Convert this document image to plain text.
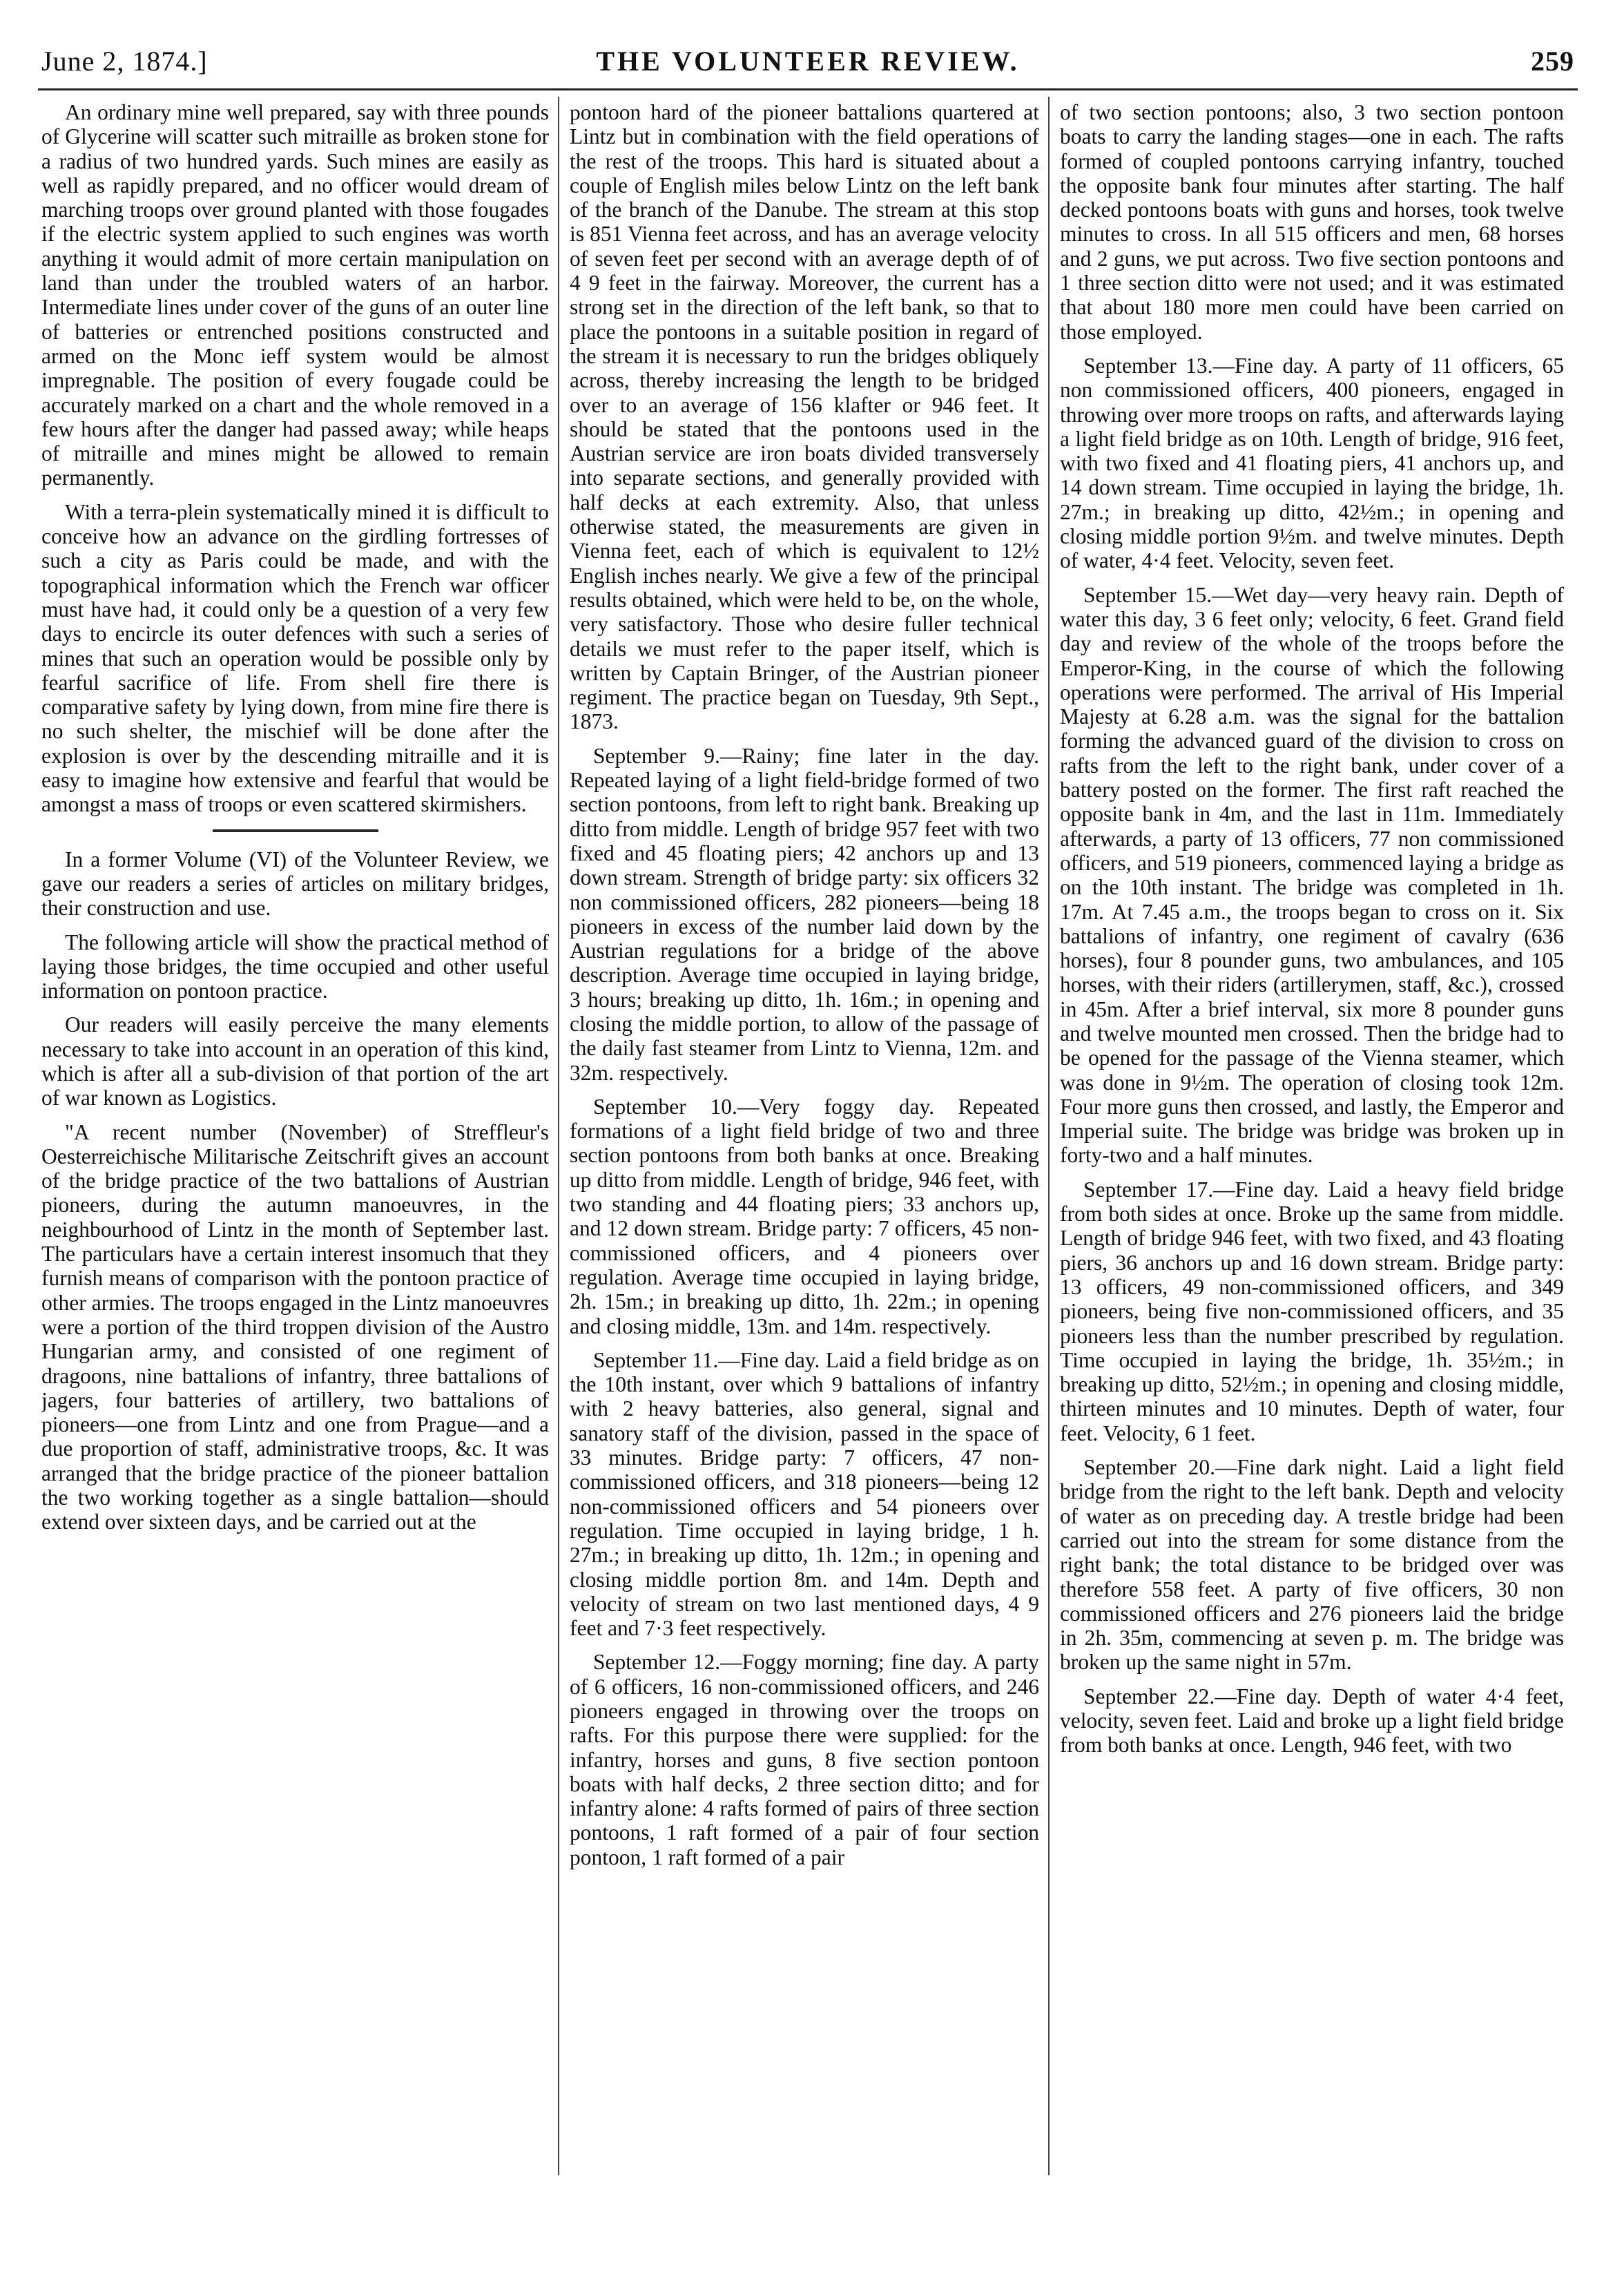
June 2, 1874.]	THE VOLUNTEER REVIEW.	259

An ordinary mine well prepared, say with three pounds of Glycerine will scatter such mitraille as broken stone for a radius of two hundred yards. Such mines are easily as well as rapidly prepared, and no officer would dream of marching troops over ground planted with those fougades if the electric system applied to such engines was worth anything it would admit of more certain manipulation on land than under the troubled waters of an harbor. Intermediate lines under cover of the guns of an outer line of batteries or entrenched positions constructed and armed on the Monc ieff system would be almost impregnable. The position of every fougade could be accurately marked on a chart and the whole removed in a few hours after the danger had passed away; while heaps of mitraille and mines might be allowed to remain permanently.

With a terra-plein systematically mined it is difficult to conceive how an advance on the girdling fortresses of such a city as Paris could be made, and with the topographical information which the French war officer must have had, it could only be a question of a very few days to encircle its outer defences with such a series of mines that such an operation would be possible only by fearful sacrifice of life. From shell fire there is comparative safety by lying down, from mine fire there is no such shelter, the mischief will be done after the explosion is over by the descending mitraille and it is easy to imagine how extensive and fearful that would be amongst a mass of troops or even scattered skirmishers.

In a former Volume (VI) of the Volunteer Review, we gave our readers a series of articles on military bridges, their construction and use.

The following article will show the practical method of laying those bridges, the time occupied and other useful information on pontoon practice.

Our readers will easily perceive the many elements necessary to take into account in an operation of this kind, which is after all a sub-division of that portion of the art of war known as Logistics.

"A recent number (November) of Streffleur's Oesterreichische Militarische Zeitschrift gives an account of the bridge practice of the two battalions of Austrian pioneers, during the autumn manoeuvres, in the neighbourhood of Lintz in the month of September last. The particulars have a certain interest insomuch that they furnish means of comparison with the pontoon practice of other armies. The troops engaged in the Lintz manoeuvres were a portion of the third troppen division of the Austro Hungarian army, and consisted of one regiment of dragoons, nine battalions of infantry, three battalions of jagers, four batteries of artillery, two battalions of pioneers—one from Lintz and one from Prague—and a due proportion of staff, administrative troops, &c. It was arranged that the bridge practice of the pioneer battalion the two working together as a single battalion—should extend over sixteen days, and be carried out at the

pontoon hard of the pioneer battalions quartered at Lintz but in combination with the field operations of the rest of the troops. This hard is situated about a couple of English miles below Lintz on the left bank of the branch of the Danube. The stream at this stop is 851 Vienna feet across, and has an average velocity of seven feet per second with an average depth of of 4 9 feet in the fairway. Moreover, the current has a strong set in the direction of the left bank, so that to place the pontoons in a suitable position in regard of the stream it is necessary to run the bridges obliquely across, thereby increasing the length to be bridged over to an average of 156 klafter or 946 feet. It should be stated that the pontoons used in the Austrian service are iron boats divided transversely into separate sections, and generally provided with half decks at each extremity. Also, that unless otherwise stated, the measurements are given in Vienna feet, each of which is equivalent to 12½ English inches nearly. We give a few of the principal results obtained, which were held to be, on the whole, very satisfactory. Those who desire fuller technical details we must refer to the paper itself, which is written by Captain Bringer, of the Austrian pioneer regiment. The practice began on Tuesday, 9th Sept., 1873.

September 9.—Rainy; fine later in the day. Repeated laying of a light field-bridge formed of two section pontoons, from left to right bank. Breaking up ditto from middle. Length of bridge 957 feet with two fixed and 45 floating piers; 42 anchors up and 13 down stream. Strength of bridge party: six officers 32 non commissioned officers, 282 pioneers—being 18 pioneers in excess of the number laid down by the Austrian regulations for a bridge of the above description. Average time occupied in laying bridge, 3 hours; breaking up ditto, 1h. 16m.; in opening and closing the middle portion, to allow of the passage of the daily fast steamer from Lintz to Vienna, 12m. and 32m. respectively.

September 10.—Very foggy day. Repeated formations of a light field bridge of two and three section pontoons from both banks at once. Breaking up ditto from middle. Length of bridge, 946 feet, with two standing and 44 floating piers; 33 anchors up, and 12 down stream. Bridge party: 7 officers, 45 non-commissioned officers, and 4 pioneers over regulation. Average time occupied in laying bridge, 2h. 15m.; in breaking up ditto, 1h. 22m.; in opening and closing middle, 13m. and 14m. respectively.

September 11.—Fine day. Laid a field bridge as on the 10th instant, over which 9 battalions of infantry with 2 heavy batteries, also general, signal and sanatory staff of the division, passed in the space of 33 minutes. Bridge party: 7 officers, 47 non-commissioned officers, and 318 pioneers—being 12 non-commissioned officers and 54 pioneers over regulation. Time occupied in laying bridge, 1 h. 27m.; in breaking up ditto, 1h. 12m.; in opening and closing middle portion 8m. and 14m. Depth and velocity of stream on two last mentioned days, 4 9 feet and 7·3 feet respectively.

September 12.—Foggy morning; fine day. A party of 6 officers, 16 non-commissioned officers, and 246 pioneers engaged in throwing over the troops on rafts. For this purpose there were supplied: for the infantry, horses and guns, 8 five section pontoon boats with half decks, 2 three section ditto; and for infantry alone: 4 rafts formed of pairs of three section pontoons, 1 raft formed of a pair of four section pontoon, 1 raft formed of a pair

of two section pontoons; also, 3 two section pontoon boats to carry the landing stages—one in each. The rafts formed of coupled pontoons carrying infantry, touched the opposite bank four minutes after starting. The half decked pontoons boats with guns and horses, took twelve minutes to cross. In all 515 officers and men, 68 horses and 2 guns, we put across. Two five section pontoons and 1 three section ditto were not used; and it was estimated that about 180 more men could have been carried on those employed.

September 13.—Fine day. A party of 11 officers, 65 non commissioned officers, 400 pioneers, engaged in throwing over more troops on rafts, and afterwards laying a light field bridge as on 10th. Length of bridge, 916 feet, with two fixed and 41 floating piers, 41 anchors up, and 14 down stream. Time occupied in laying the bridge, 1h. 27m.; in breaking up ditto, 42½m.; in opening and closing middle portion 9½m. and twelve minutes. Depth of water, 4·4 feet. Velocity, seven feet.

September 15.—Wet day—very heavy rain. Depth of water this day, 3 6 feet only; velocity, 6 feet. Grand field day and review of the whole of the troops before the Emperor-King, in the course of which the following operations were performed. The arrival of His Imperial Majesty at 6.28 a.m. was the signal for the battalion forming the advanced guard of the division to cross on rafts from the left to the right bank, under cover of a battery posted on the former. The first raft reached the opposite bank in 4m, and the last in 11m. Immediately afterwards, a party of 13 officers, 77 non commissioned officers, and 519 pioneers, commenced laying a bridge as on the 10th instant. The bridge was completed in 1h. 17m. At 7.45 a.m., the troops began to cross on it. Six battalions of infantry, one regiment of cavalry (636 horses), four 8 pounder guns, two ambulances, and 105 horses, with their riders (artillerymen, staff, &c.), crossed in 45m. After a brief interval, six more 8 pounder guns and twelve mounted men crossed. Then the bridge had to be opened for the passage of the Vienna steamer, which was done in 9½m. The operation of closing took 12m. Four more guns then crossed, and lastly, the Emperor and Imperial suite. The bridge was bridge was broken up in forty-two and a half minutes.

September 17.—Fine day. Laid a heavy field bridge from both sides at once. Broke up the same from middle. Length of bridge 946 feet, with two fixed, and 43 floating piers, 36 anchors up and 16 down stream. Bridge party: 13 officers, 49 non-commissioned officers, and 349 pioneers, being five non-commissioned officers, and 35 pioneers less than the number prescribed by regulation. Time occupied in laying the bridge, 1h. 35½m.; in breaking up ditto, 52½m.; in opening and closing middle, thirteen minutes and 10 minutes. Depth of water, four feet. Velocity, 6 1 feet.

September 20.—Fine dark night. Laid a light field bridge from the right to the left bank. Depth and velocity of water as on preceding day. A trestle bridge had been carried out into the stream for some distance from the right bank; the total distance to be bridged over was therefore 558 feet. A party of five officers, 30 non commissioned officers and 276 pioneers laid the bridge in 2h. 35m, commencing at seven p. m. The bridge was broken up the same night in 57m.

September 22.—Fine day. Depth of water 4·4 feet, velocity, seven feet. Laid and broke up a light field bridge from both banks at once. Length, 946 feet, with two
